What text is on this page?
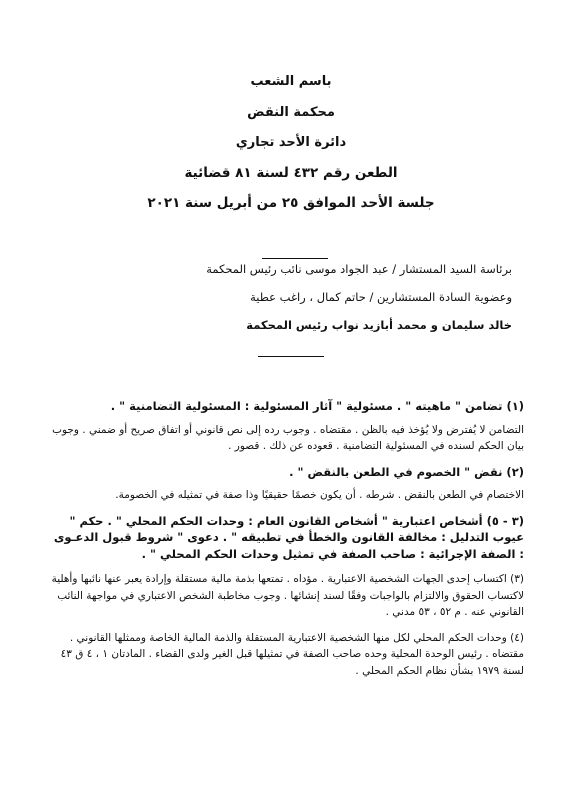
باسم الشعب
محكمة النقض
دائرة الأحد تجاري
الطعن رقم ٤٣٢ لسنة ٨١ قضائية
جلسة الأحد الموافق ٢٥ من أبريل سنة ٢٠٢١
برئاسة السيد المستشار / عبد الجواد موسى نائب رئيس المحكمة
وعضوية السادة المستشارين / حاتم كمال ، راغب عطية
خالد سليمان و محمد أبازيد نواب رئيس المحكمة
(١) تضامن " ماهيته " . مسئولية " آثار المسئولية : المسئولية التضامنية " .
التضامن لا يُفترض ولا يُؤخذ فيه بالظن . مقتضاه . وجوب رده إلى نص قانوني أو اتفاق صريح أو ضمني . وجوب بيان الحكم لسنده في المسئولية التضامنية . قعوده عن ذلك . قصور .
(٢) نقض " الخصوم في الطعن بالنقض " .
الاختصام في الطعن بالنقض . شرطه . أن يكون خصمًا حقيقيًا وذا صفة في تمثيله في الخصومة.
(٣ - ٥) أشخاص اعتبارية " أشخاص القانون العام : وحدات الحكم المحلي " . حكم " عيوب التدليل : مخالفة القانون والخطأ في تطبيقه " . دعوى " شروط قبول الدعـوى : الصفة الإجرائية : صاحب الصفة في تمثيل وحدات الحكم المحلي " .
(٣) اكتساب إحدى الجهات الشخصية الاعتبارية . مؤداه . تمتعها بذمة مالية مستقلة وإرادة يعبر عنها نائبها وأهلية لاكتساب الحقوق والالتزام بالواجبات وفقًا لسند إنشائها . وجوب مخاطبة الشخص الاعتباري في مواجهة النائب القانوني عنه . م ٥٢ ، ٥٣ مدني .
(٤) وحدات الحكم المحلي لكل منها الشخصية الاعتبارية المستقلة والذمة المالية الخاصة وممثلها القانوني . مقتضاه . رئيس الوحدة المحلية وحده صاحب الصفة في تمثيلها قبل الغير ولدى القضاء . المادتان ١ ، ٤ ق ٤٣ لسنة ١٩٧٩ بشأن نظام الحكم المحلي .
